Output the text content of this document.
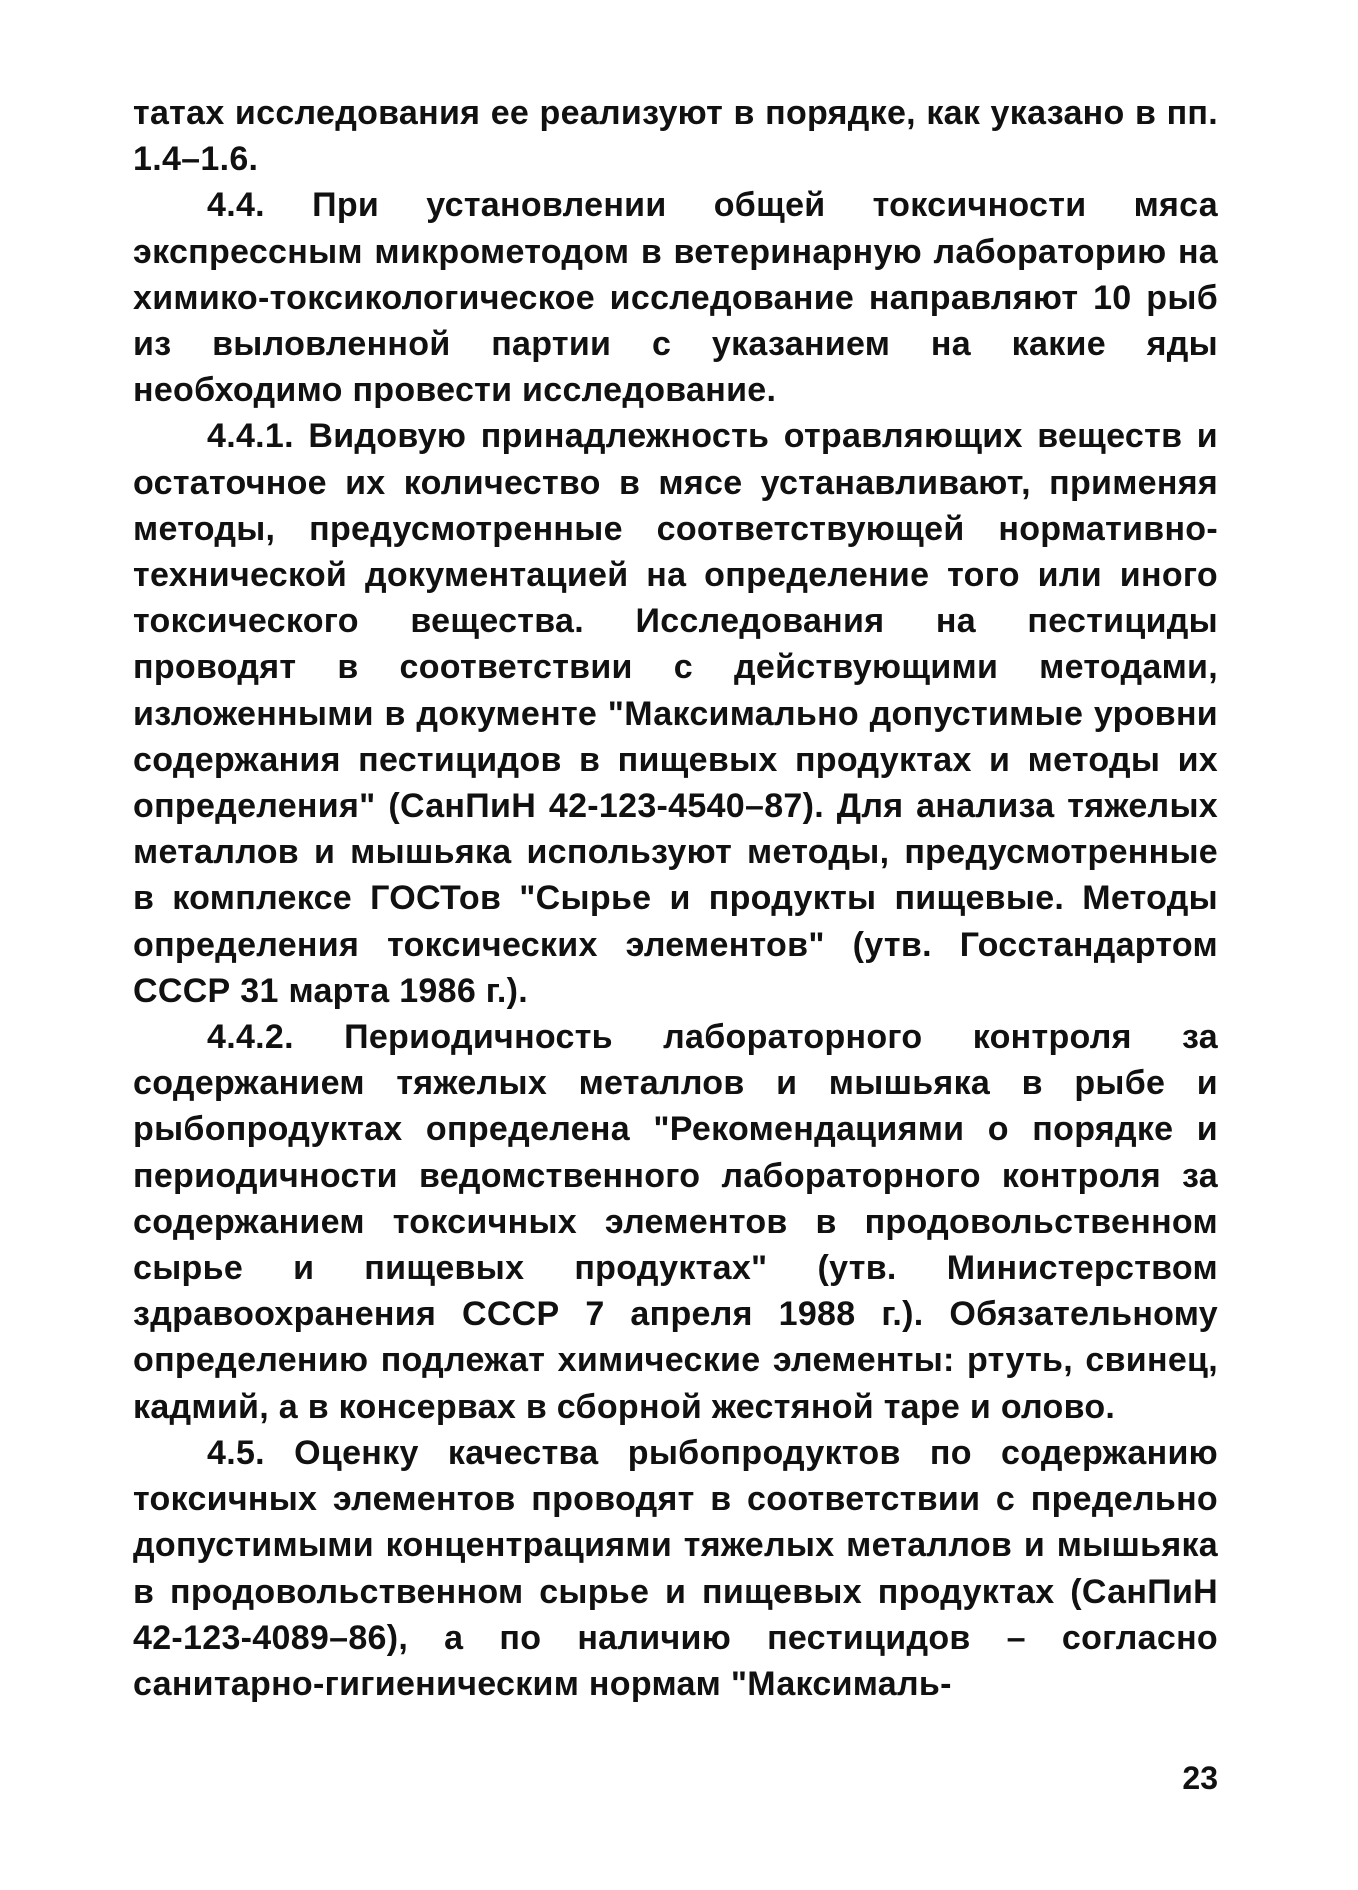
татах исследования ее реализуют в порядке, как указано в пп. 1.4–1.6.

4.4. При установлении общей токсичности мяса экспрессным микрометодом в ветеринарную лабораторию на химико-токсикологическое исследование направляют 10 рыб из выловленной партии с указанием на какие яды необходимо провести исследование.

4.4.1. Видовую принадлежность отравляющих веществ и остаточное их количество в мясе устанавливают, применяя методы, предусмотренные соответствующей нормативно-технической документацией на определение того или иного токсического вещества. Исследования на пестициды проводят в соответствии с действующими методами, изложенными в документе "Максимально допустимые уровни содержания пестицидов в пищевых продуктах и методы их определения" (СанПиН 42-123-4540–87). Для анализа тяжелых металлов и мышьяка используют методы, предусмотренные в комплексе ГОСТов "Сырье и продукты пищевые. Методы определения токсических элементов" (утв. Госстандартом СССР 31 марта 1986 г.).

4.4.2. Периодичность лабораторного контроля за содержанием тяжелых металлов и мышьяка в рыбе и рыбопродуктах определена "Рекомендациями о порядке и периодичности ведомственного лабораторного контроля за содержанием токсичных элементов в продовольственном сырье и пищевых продуктах" (утв. Министерством здравоохранения СССР 7 апреля 1988 г.). Обязательному определению подлежат химические элементы: ртуть, свинец, кадмий, а в консервах в сборной жестяной таре и олово.

4.5. Оценку качества рыбопродуктов по содержанию токсичных элементов проводят в соответствии с предельно допустимыми концентрациями тяжелых металлов и мышьяка в продовольственном сырье и пищевых продуктах (СанПиН 42-123-4089–86), а по наличию пестицидов – согласно санитарно-гигиеническим нормам "Максималь-

23
